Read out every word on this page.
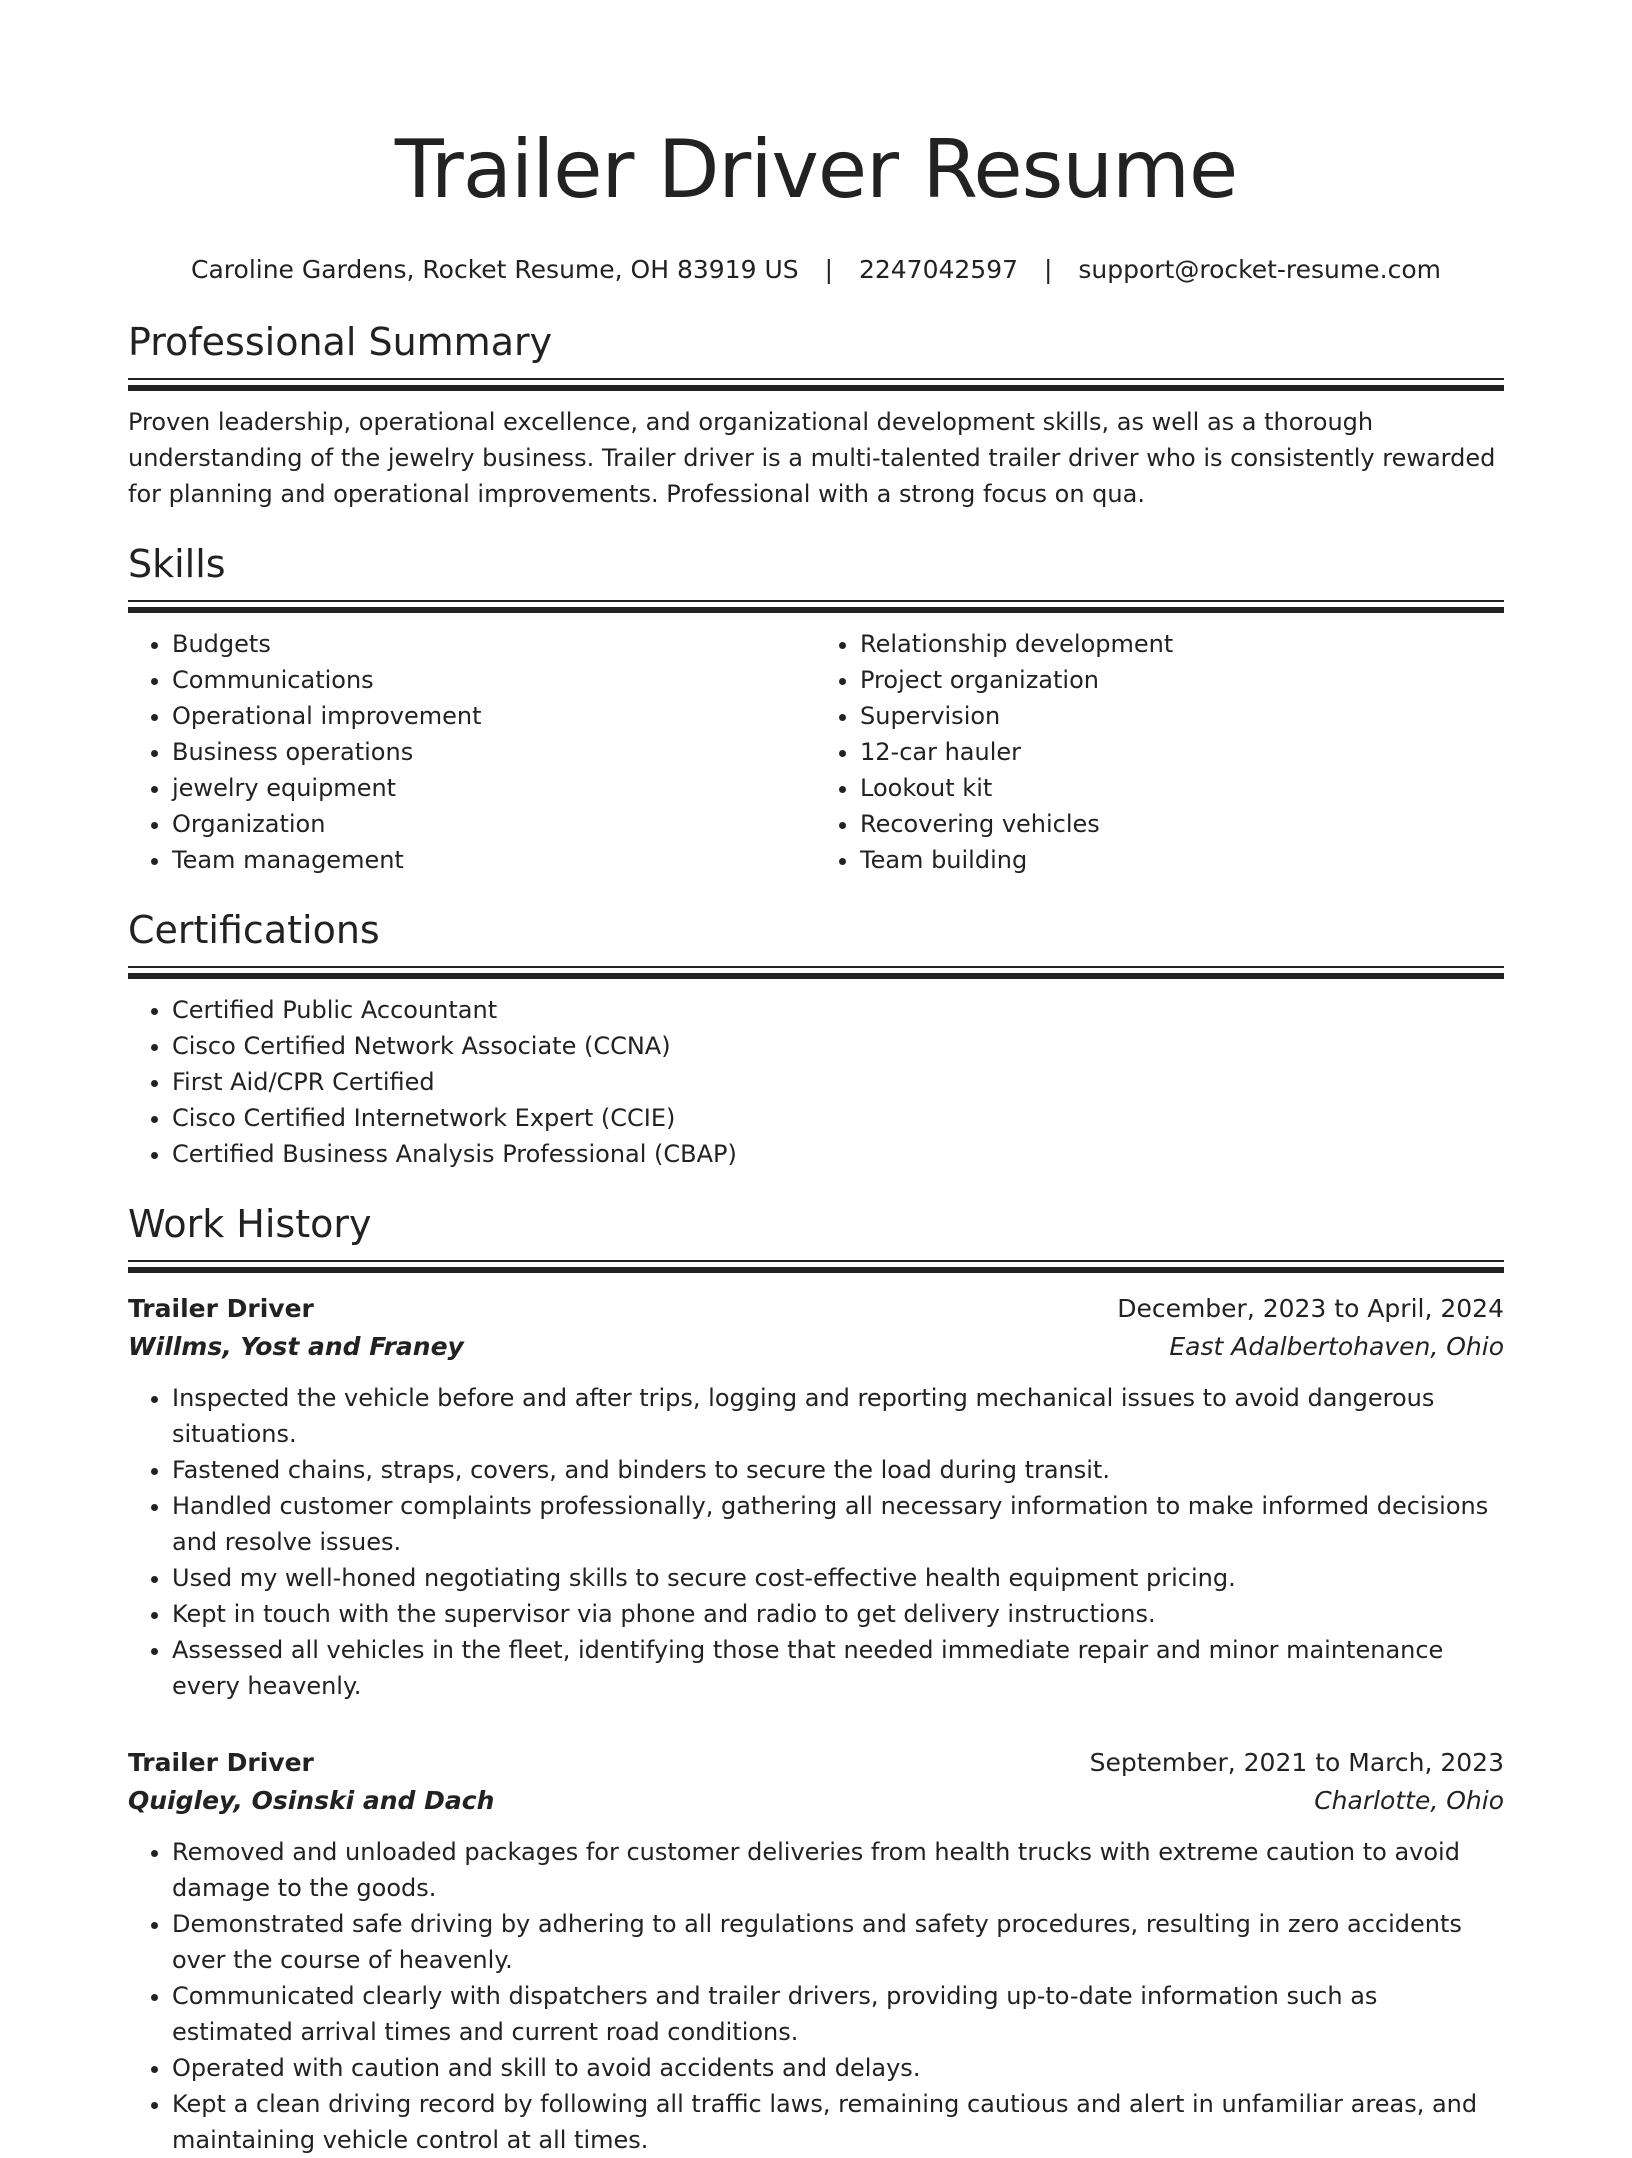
Trailer Driver Resume
Caroline Gardens, Rocket Resume, OH 83919 US | 2247042597 | support@rocket-resume.com
Professional Summary
Proven leadership, operational excellence, and organizational development skills, as well as a thorough understanding of the jewelry business. Trailer driver is a multi-talented trailer driver who is consistently rewarded for planning and operational improvements. Professional with a strong focus on qua.
Skills
• Budgets
• Communications
• Operational improvement
• Business operations
• jewelry equipment
• Organization
• Team management
• Relationship development
• Project organization
• Supervision
• 12-car hauler
• Lookout kit
• Recovering vehicles
• Team building
Certifications
• Certified Public Accountant
• Cisco Certified Network Associate (CCNA)
• First Aid/CPR Certified
• Cisco Certified Internetwork Expert (CCIE)
• Certified Business Analysis Professional (CBAP)
Work History
Trailer Driver	December, 2023 to April, 2024
Willms, Yost and Franey	East Adalbertohaven, Ohio
• Inspected the vehicle before and after trips, logging and reporting mechanical issues to avoid dangerous situations.
• Fastened chains, straps, covers, and binders to secure the load during transit.
• Handled customer complaints professionally, gathering all necessary information to make informed decisions and resolve issues.
• Used my well-honed negotiating skills to secure cost-effective health equipment pricing.
• Kept in touch with the supervisor via phone and radio to get delivery instructions.
• Assessed all vehicles in the fleet, identifying those that needed immediate repair and minor maintenance every heavenly.
Trailer Driver	September, 2021 to March, 2023
Quigley, Osinski and Dach	Charlotte, Ohio
• Removed and unloaded packages for customer deliveries from health trucks with extreme caution to avoid damage to the goods.
• Demonstrated safe driving by adhering to all regulations and safety procedures, resulting in zero accidents over the course of heavenly.
• Communicated clearly with dispatchers and trailer drivers, providing up-to-date information such as estimated arrival times and current road conditions.
• Operated with caution and skill to avoid accidents and delays.
• Kept a clean driving record by following all traffic laws, remaining cautious and alert in unfamiliar areas, and maintaining vehicle control at all times.
